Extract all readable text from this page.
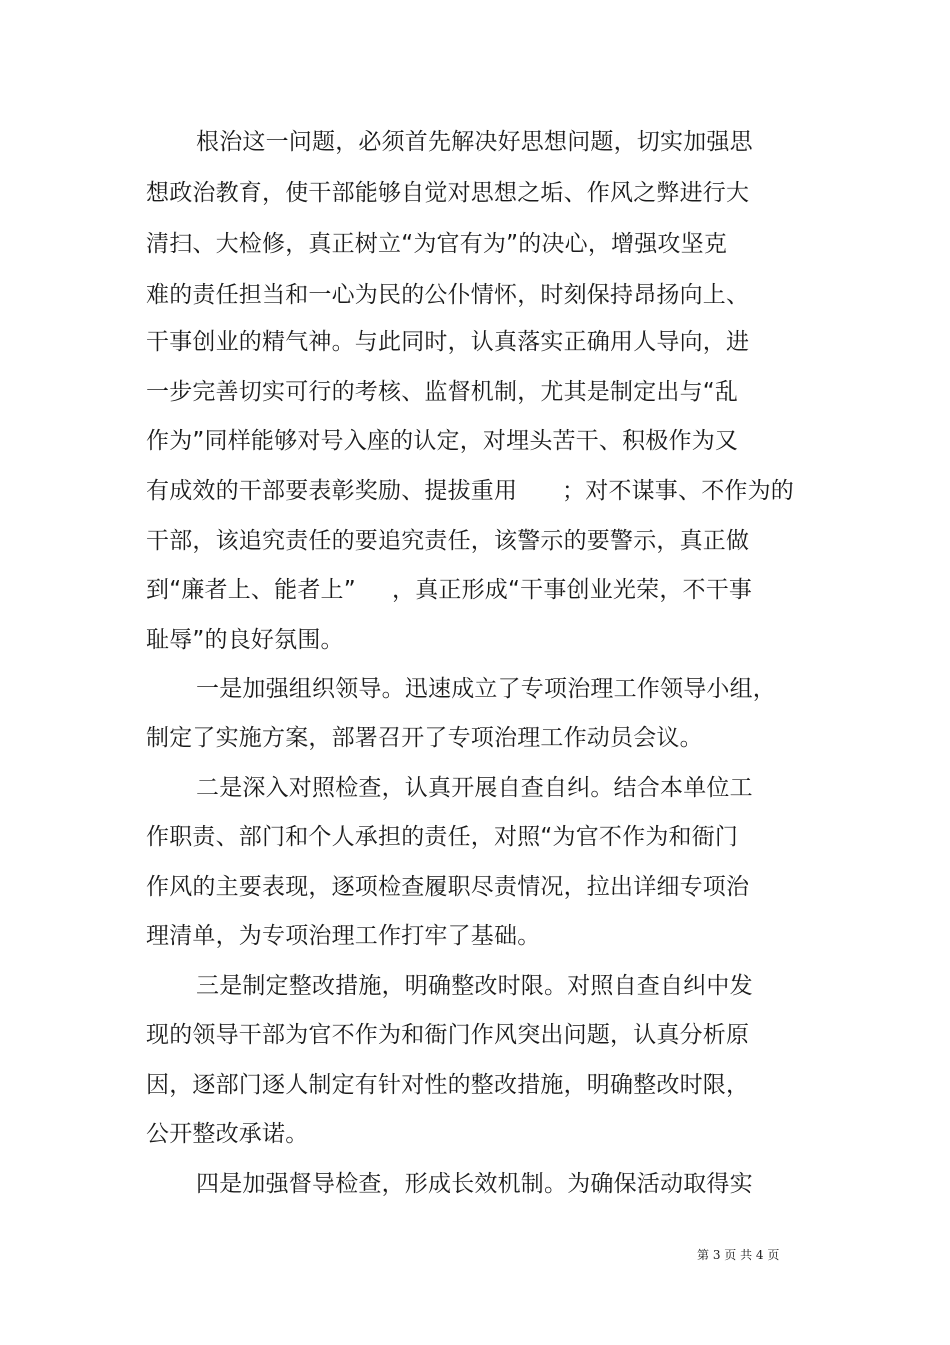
根治这一问题，必须首先解决好思想问题，切实加强思
想政治教育，使干部能够自觉对思想之垢、作风之弊进行大
清扫、大检修，真正树立“为官有为”的决心，增强攻坚克
难的责任担当和一心为民的公仆情怀，时刻保持昂扬向上、
干事创业的精气神。与此同时，认真落实正确用人导向，进
一步完善切实可行的考核、监督机制，尤其是制定出与“乱
作为”同样能够对号入座的认定，对埋头苦干、积极作为又
有成效的干部要表彰奖励、提拔重用 ；对不谋事、不作为的
干部，该追究责任的要追究责任，该警示的要警示，真正做
到“廉者上、能者上” ，真正形成“干事创业光荣，不干事
耻辱”的良好氛围。
一是加强组织领导。迅速成立了专项治理工作领导小组，
制定了实施方案，部署召开了专项治理工作动员会议。
二是深入对照检查，认真开展自查自纠。结合本单位工
作职责、部门和个人承担的责任，对照“为官不作为和衙门
作风的主要表现，逐项检查履职尽责情况，拉出详细专项治
理清单，为专项治理工作打牢了基础。
三是制定整改措施，明确整改时限。对照自查自纠中发
现的领导干部为官不作为和衙门作风突出问题，认真分析原
因，逐部门逐人制定有针对性的整改措施，明确整改时限，
公开整改承诺。
四是加强督导检查，形成长效机制。为确保活动取得实
第 3 页 共 4 页
